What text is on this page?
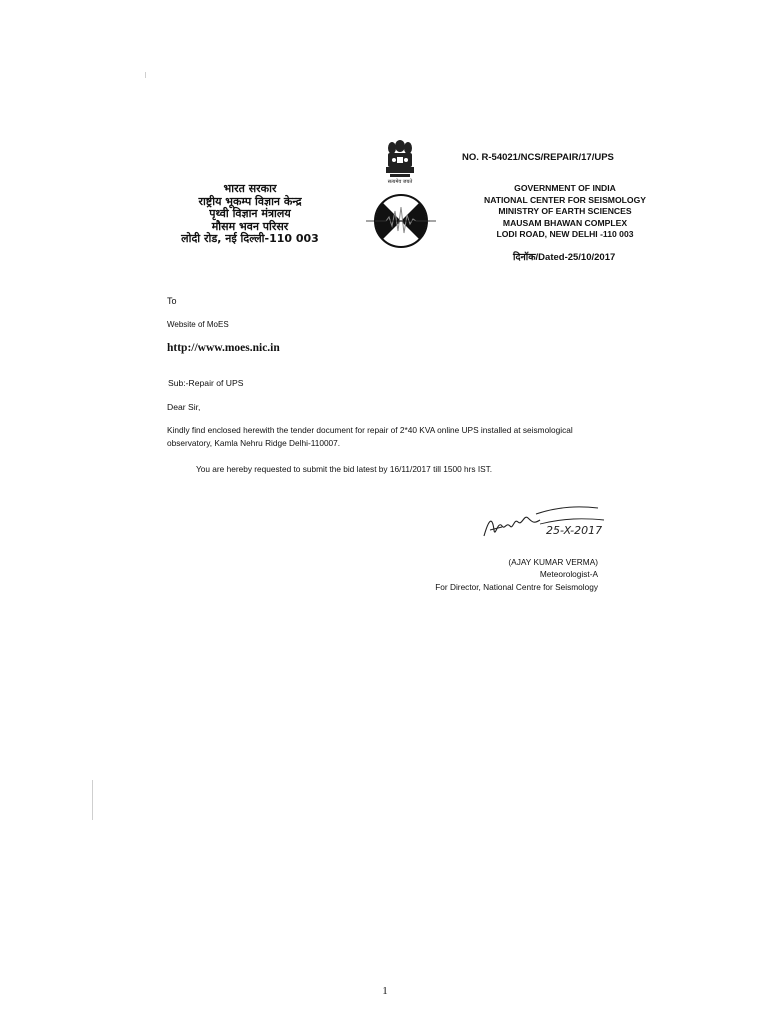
NO. R-54021/NCS/REPAIR/17/UPS
सत्यमेव जयते
भारत सरकार
राष्ट्रीय भूकम्प विज्ञान केन्द्र
पृथ्वी विज्ञान मंत्रालय
मौसम भवन परिसर
लोदी रोड, नई दिल्ली-110 003
GOVERNMENT OF INDIA
NATIONAL CENTER FOR SEISMOLOGY
MINISTRY OF EARTH SCIENCES
MAUSAM BHAWAN COMPLEX
LODI ROAD, NEW DELHI -110 003
दिनॉक/Dated-25/10/2017
To
Website of MoES
http://www.moes.nic.in
Sub:-Repair of UPS
Dear Sir,
Kindly find enclosed herewith the tender document for repair of 2*40 KVA online UPS installed at seismological observatory, Kamla Nehru Ridge Delhi-110007.
You are hereby requested to submit the bid latest by 16/11/2017 till 1500 hrs IST.
25-X-2017
(AJAY KUMAR VERMA)
Meteorologist-A
For Director, National Centre for Seismology
1
